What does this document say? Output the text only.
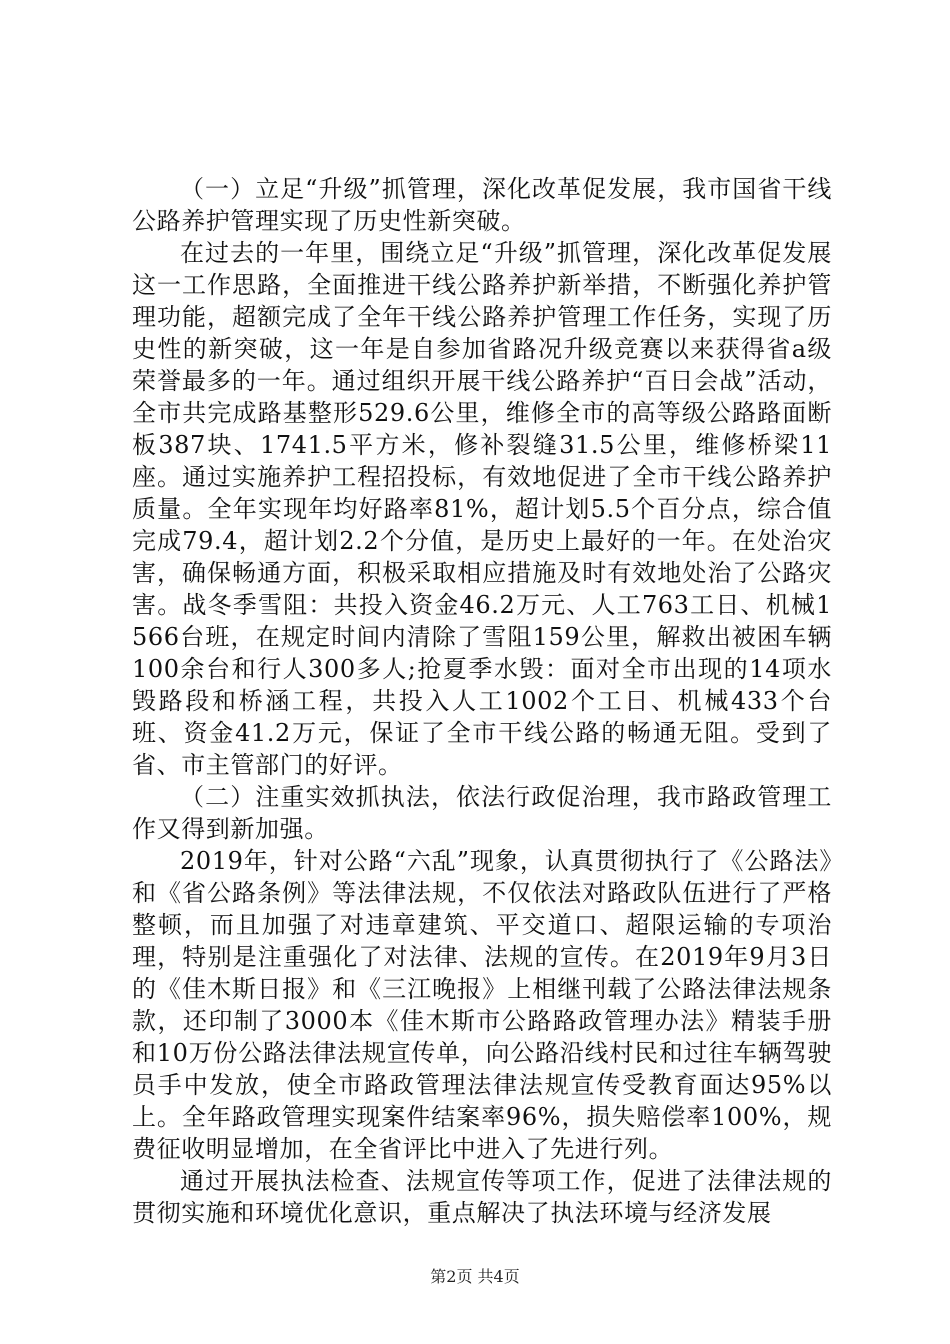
（一）立足“升级”抓管理，深化改革促发展，我市国省干线公路养护管理实现了历史性新突破。

在过去的一年里，围绕立足“升级”抓管理，深化改革促发展这一工作思路，全面推进干线公路养护新举措，不断强化养护管理功能，超额完成了全年干线公路养护管理工作任务，实现了历史性的新突破，这一年是自参加省路况升级竞赛以来获得省a级荣誉最多的一年。通过组织开展干线公路养护“百日会战”活动，全市共完成路基整形529.6公里，维修全市的高等级公路路面断板387块、1741.5平方米，修补裂缝31.5公里，维修桥梁11座。通过实施养护工程招投标，有效地促进了全市干线公路养护质量。全年实现年均好路率81%，超计划5.5个百分点，综合值完成79.4，超计划2.2个分值，是历史上最好的一年。在处治灾害，确保畅通方面，积极采取相应措施及时有效地处治了公路灾害。战冬季雪阻：共投入资金46.2万元、人工763工日、机械1566台班，在规定时间内清除了雪阻159公里，解救出被困车辆100余台和行人300多人;抢夏季水毁：面对全市出现的14项水毁路段和桥涵工程，共投入人工1002个工日、机械433个台班、资金41.2万元，保证了全市干线公路的畅通无阻。受到了省、市主管部门的好评。

（二）注重实效抓执法，依法行政促治理，我市路政管理工作又得到新加强。

2019年，针对公路“六乱”现象，认真贯彻执行了《公路法》和《省公路条例》等法律法规，不仅依法对路政队伍进行了严格整顿，而且加强了对违章建筑、平交道口、超限运输的专项治理，特别是注重强化了对法律、法规的宣传。在2019年9月3日的《佳木斯日报》和《三江晚报》上相继刊载了公路法律法规条款，还印制了3000本《佳木斯市公路路政管理办法》精装手册和10万份公路法律法规宣传单，向公路沿线村民和过往车辆驾驶员手中发放，使全市路政管理法律法规宣传受教育面达95%以上。全年路政管理实现案件结案率96%，损失赔偿率100%，规费征收明显增加，在全省评比中进入了先进行列。

通过开展执法检查、法规宣传等项工作，促进了法律法规的贯彻实施和环境优化意识，重点解决了执法环境与经济发展

第2页 共4页
